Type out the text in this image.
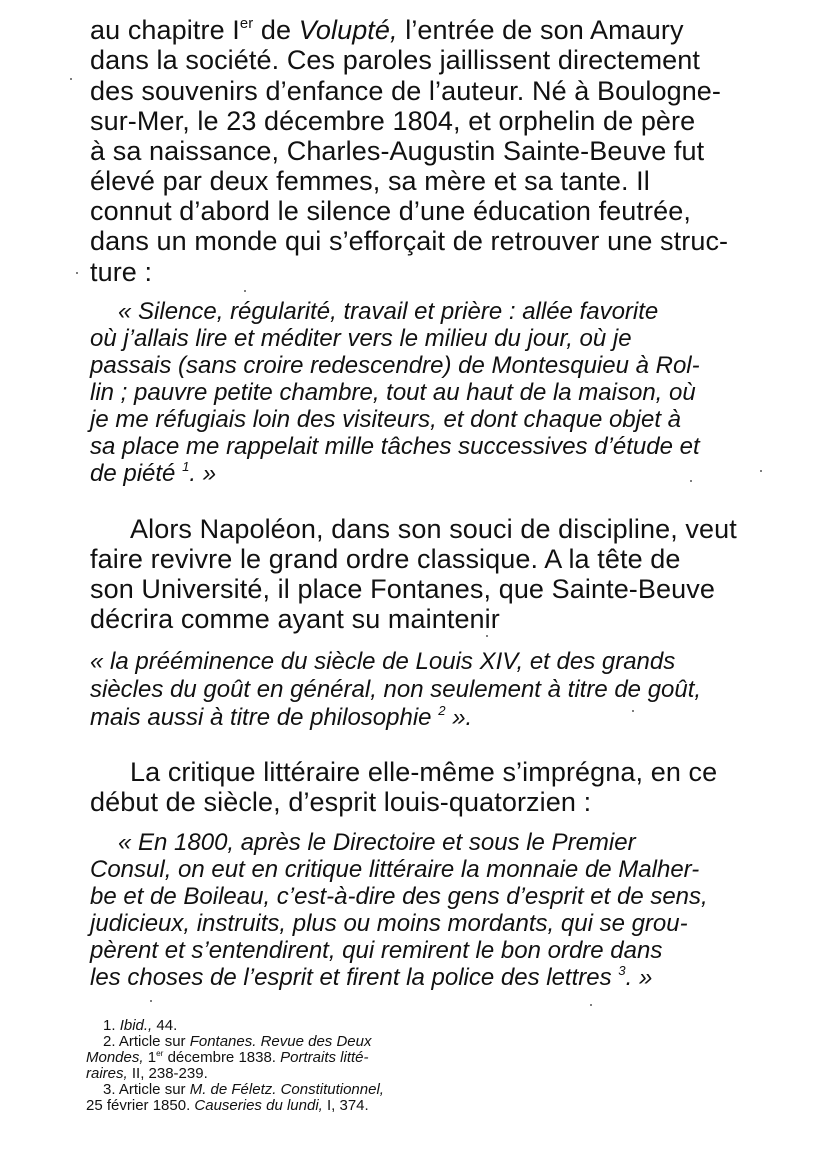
au chapitre Ier de Volupté, l’entrée de son Amaury
dans la société. Ces paroles jaillissent directement
des souvenirs d’enfance de l’auteur. Né à Boulogne-
sur-Mer, le 23 décembre 1804, et orphelin de père
à sa naissance, Charles-Augustin Sainte-Beuve fut
élevé par deux femmes, sa mère et sa tante. Il
connut d’abord le silence d’une éducation feutrée,
dans un monde qui s’efforçait de retrouver une struc-
ture :
« Silence, régularité, travail et prière : allée favorite
où j’allais lire et méditer vers le milieu du jour, où je
passais (sans croire redescendre) de Montesquieu à Rol-
lin ; pauvre petite chambre, tout au haut de la maison, où
je me réfugiais loin des visiteurs, et dont chaque objet à
sa place me rappelait mille tâches successives d’étude et
de piété $^1$. »
Alors Napoléon, dans son souci de discipline, veut
faire revivre le grand ordre classique. A la tête de
son Université, il place Fontanes, que Sainte-Beuve
décrira comme ayant su maintenir
« la prééminence du siècle de Louis XIV, et des grands
siècles du goût en général, non seulement à titre de goût,
mais aussi à titre de philosophie $^2$ ».
La critique littéraire elle-même s’imprégna, en ce
début de siècle, d’esprit louis-quatorzien :
« En 1800, après le Directoire et sous le Premier
Consul, on eut en critique littéraire la monnaie de Malher-
be et de Boileau, c’est-à-dire des gens d’esprit et de sens,
judicieux, instruits, plus ou moins mordants, qui se grou-
pèrent et s’entendirent, qui remirent le bon ordre dans
les choses de l’esprit et firent la police des lettres $^3$. »
1. Ibid., 44.
2. Article sur Fontanes. Revue des Deux
Mondes, 1er décembre 1838. Portraits litté-
raires, II, 238-239.
3. Article sur M. de Féletz. Constitutionnel,
25 février 1850. Causeries du lundi, I, 374.
